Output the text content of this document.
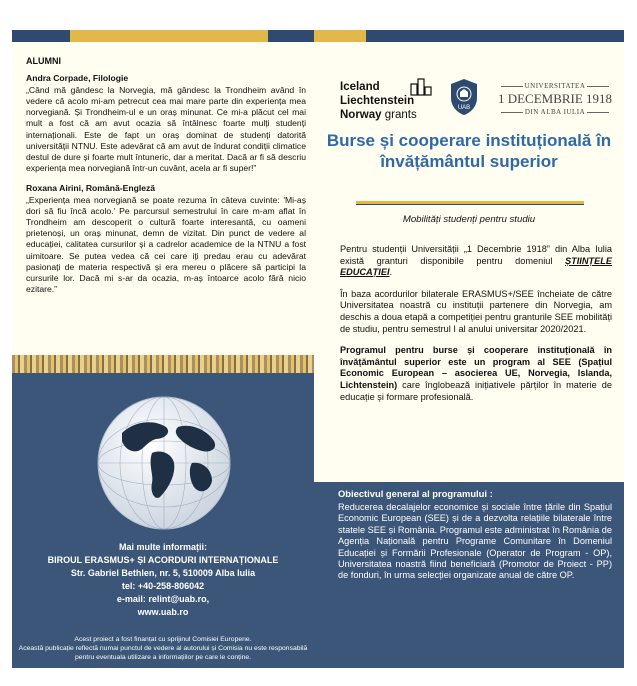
ALUMNI
Andra Corpade, Filologie
„Când mă gândesc la Norvegia, mă gândesc la Trondheim având în vedere că acolo mi-am petrecut cea mai mare parte din experiența mea norvegiană. Și Trondheim-ul e un oraș minunat. Ce mi-a plăcut cel mai mult a fost că am avut ocazia să întâlnesc foarte mulți studenți internaționali. Este de fapt un oraș dominat de studenți datorită universității NTNU. Este adevărat că am avut de îndurat condiții climatice destul de dure și foarte mult întuneric, dar a meritat. Dacă ar fi să descriu experiența mea norvegiană într-un cuvânt, acela ar fi super!”
Roxana Airini, Română-Engleză
„Experiența mea norvegiană se poate rezuma în câteva cuvinte: 'Mi-aș dori să fiu încă acolo.' Pe parcursul semestrului în care m-am aflat în Trondheim am descoperit o cultură foarte interesantă, cu oameni prietenoși, un oraș minunat, demn de vizitat. Din punct de vedere al educației, calitatea cursurilor și a cadrelor academice de la NTNU a fost uimitoare. Se putea vedea că cei care iți predau erau cu adevărat pasionați de materia respectivă și era mereu o plăcere să participi la cursurile lor. Dacă mi s-ar da ocazia, m-aș întoarce acolo fără nicio ezitare.”
Mai multe informații:
BIROUL ERASMUS+ ȘI ACORDURI INTERNAȚIONALE
Str. Gabriel Bethlen, nr. 5, 510009 Alba Iulia
tel: +40-258-806042
e-mail: relint@uab.ro,
www.uab.ro
Acest proiect a fost finanțat cu sprijinul Comisiei Europene.
Această publicație reflectă numai punctul de vedere al autorului și Comisia nu este responsabilă pentru eventuala utilizare a informațiilor pe care le conține.
Iceland
Liechtenstein
Norway grants
UAB
UNIVERSITATEA
1 DECEMBRIE 1918
DIN ALBA IULIA
Burse și cooperare instituțională în învățământul superior
Mobilități studenți pentru studiu

Pentru studenții Universității „1 Decembrie 1918” din Alba Iulia există granturi disponibile pentru domeniul ȘTIINȚELE EDUCAȚIEI.

În baza acordurilor bilaterale ERASMUS+/SEE încheiate de către Universitatea noastră cu instituții partenere din Norvegia, am deschis a doua etapă a competiției pentru granturile SEE mobilități de studiu, pentru semestrul I al anului universitar 2020/2021.

Programul pentru burse și cooperare instituțională în învățământul superior este un program al SEE (Spațiul Economic European – asocierea UE, Norvegia, Islanda, Lichtenstein) care înglobează inițiativele părților în materie de educație și formare profesională.

Obiectivul general al programului :
Reducerea decalajelor economice și sociale între țările din Spațiul Economic European (SEE) și de a dezvolta relațiile bilaterale între statele SEE și România. Programul este administrat în România de Agenția Națională pentru Programe Comunitare în Domeniul Educației și Formării Profesionale (Operator de Program - OP), Universitatea noastră fiind beneficiară (Promotor de Proiect - PP) de fonduri, în urma selecției organizate anual de către OP.
